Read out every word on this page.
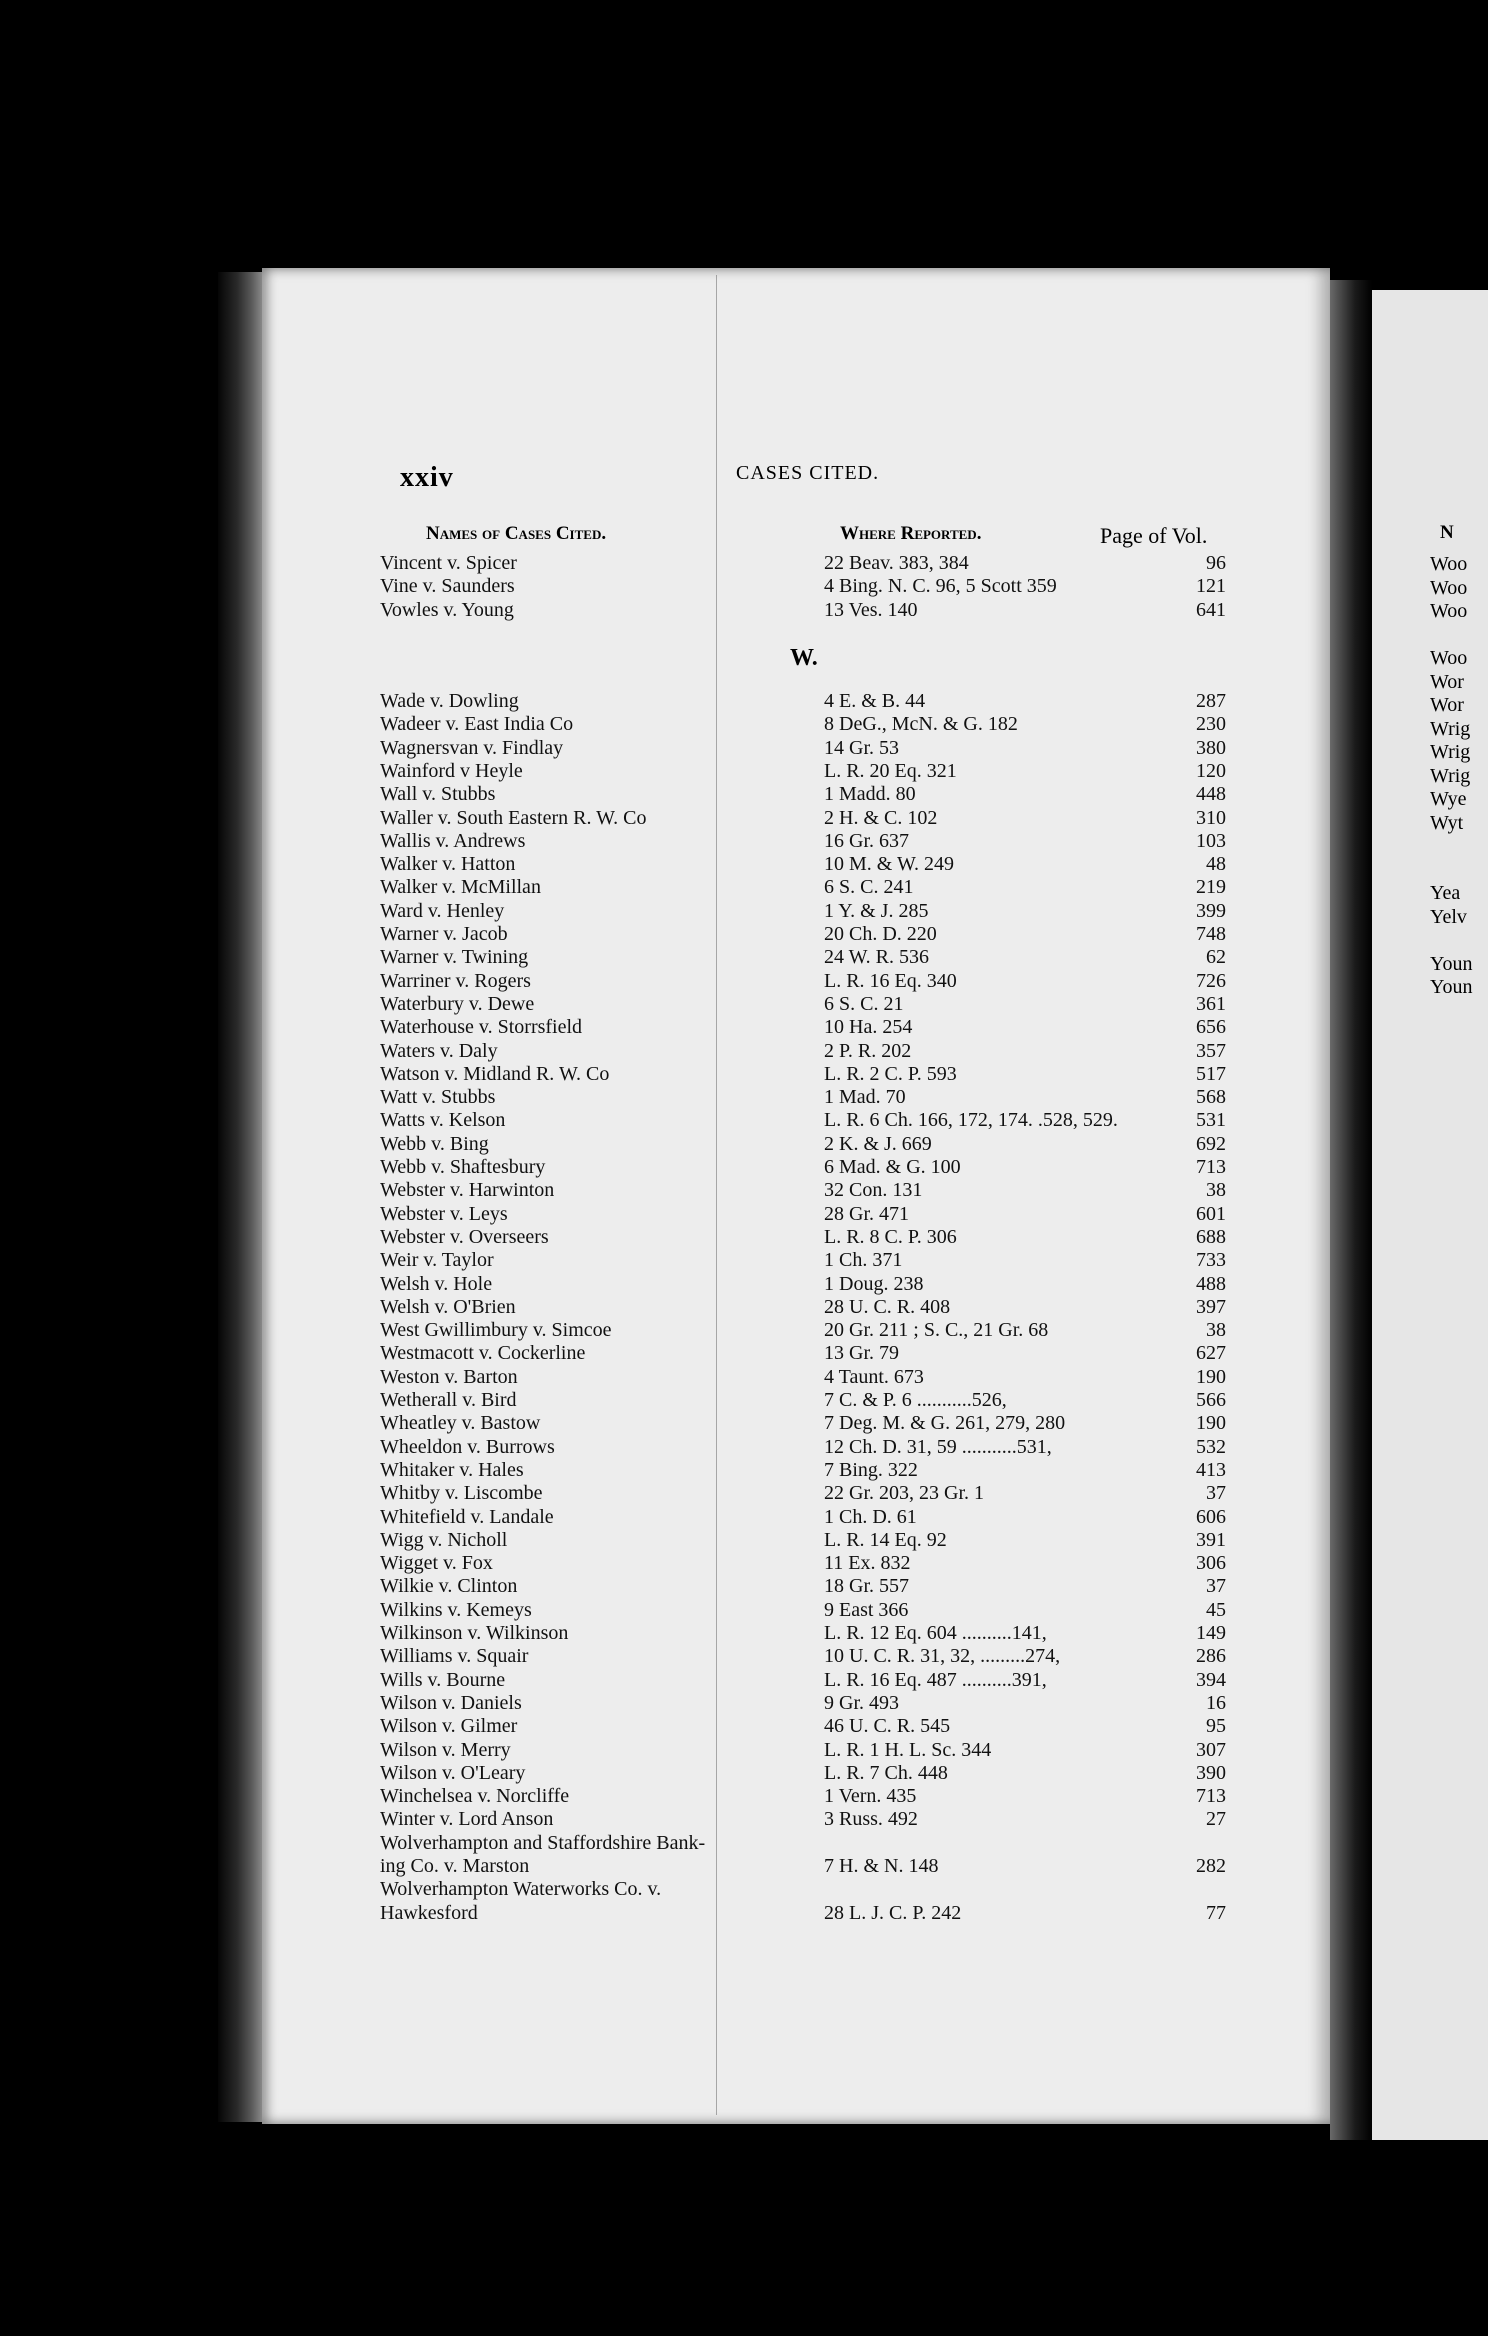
xxiv	CASES CITED.
Names of Cases Cited.	Where Reported.	Page of Vol.
W.
Vincent v. Spicer	22 Beav. 383, 384	96
Vine v. Saunders	4 Bing. N. C. 96, 5 Scott 359	121
Vowles v. Young	13 Ves. 140	641
Wade v. Dowling	4 E. & B. 44	287
Wadeer v. East India Co	8 DeG., McN. & G. 182	230
Wagnersvan v. Findlay	14 Gr. 53	380
Wainford v Heyle	L. R. 20 Eq. 321	120
Wall v. Stubbs	1 Madd. 80	448
Waller v. South Eastern R. W. Co	2 H. & C. 102	310
Wallis v. Andrews	16 Gr. 637	103
Walker v. Hatton	10 M. & W. 249	48
Walker v. McMillan	6 S. C. 241	219
Ward v. Henley	1 Y. & J. 285	399
Warner v. Jacob	20 Ch. D. 220	748
Warner v. Twining	24 W. R. 536	62
Warriner v. Rogers	L. R. 16 Eq. 340	726
Waterbury v. Dewe	6 S. C. 21	361
Waterhouse v. Storrsfield	10 Ha. 254	656
Waters v. Daly	2 P. R. 202	357
Watson v. Midland R. W. Co	L. R. 2 C. P. 593	517
Watt v. Stubbs	1 Mad. 70	568
Watts v. Kelson	L. R. 6 Ch. 166, 172, 174. .528, 529.	531
Webb v. Bing	2 K. & J. 669	692
Webb v. Shaftesbury	6 Mad. & G. 100	713
Webster v. Harwinton	32 Con. 131	38
Webster v. Leys	28 Gr. 471	601
Webster v. Overseers	L. R. 8 C. P. 306	688
Weir v. Taylor	1 Ch. 371	733
Welsh v. Hole	1 Doug. 238	488
Welsh v. O'Brien	28 U. C. R. 408	397
West Gwillimbury v. Simcoe	20 Gr. 211 ; S. C., 21 Gr. 68	38
Westmacott v. Cockerline	13 Gr. 79	627
Weston v. Barton	4 Taunt. 673	190
Wetherall v. Bird	7 C. & P. 6 ...........526,	566
Wheatley v. Bastow	7 Deg. M. & G. 261, 279, 280	190
Wheeldon v. Burrows	12 Ch. D. 31, 59 ...........531,	532
Whitaker v. Hales	7 Bing. 322	413
Whitby v. Liscombe	22 Gr. 203, 23 Gr. 1	37
Whitefield v. Landale	1 Ch. D. 61	606
Wigg v. Nicholl	L. R. 14 Eq. 92	391
Wigget v. Fox	11 Ex. 832	306
Wilkie v. Clinton	18 Gr. 557	37
Wilkins v. Kemeys	9 East 366	45
Wilkinson v. Wilkinson	L. R. 12 Eq. 604 ..........141,	149
Williams v. Squair	10 U. C. R. 31, 32, .........274,	286
Wills v. Bourne	L. R. 16 Eq. 487 ..........391,	394
Wilson v. Daniels	9 Gr. 493	16
Wilson v. Gilmer	46 U. C. R. 545	95
Wilson v. Merry	L. R. 1 H. L. Sc. 344	307
Wilson v. O'Leary	L. R. 7 Ch. 448	390
Winchelsea v. Norcliffe	1 Vern. 435	713
Winter v. Lord Anson	3 Russ. 492	27
Wolverhampton and Staffordshire Bank-
ing Co. v. Marston	7 H. & N. 148	282
Wolverhampton Waterworks Co. v.
Hawkesford	28 L. J. C. P. 242	77
N
Woo
Woo
Woo
Woo
Wor
Wor
Wrig
Wrig
Wrig
Wye
Wyt
Yea
Yelv
Youn
Youn
